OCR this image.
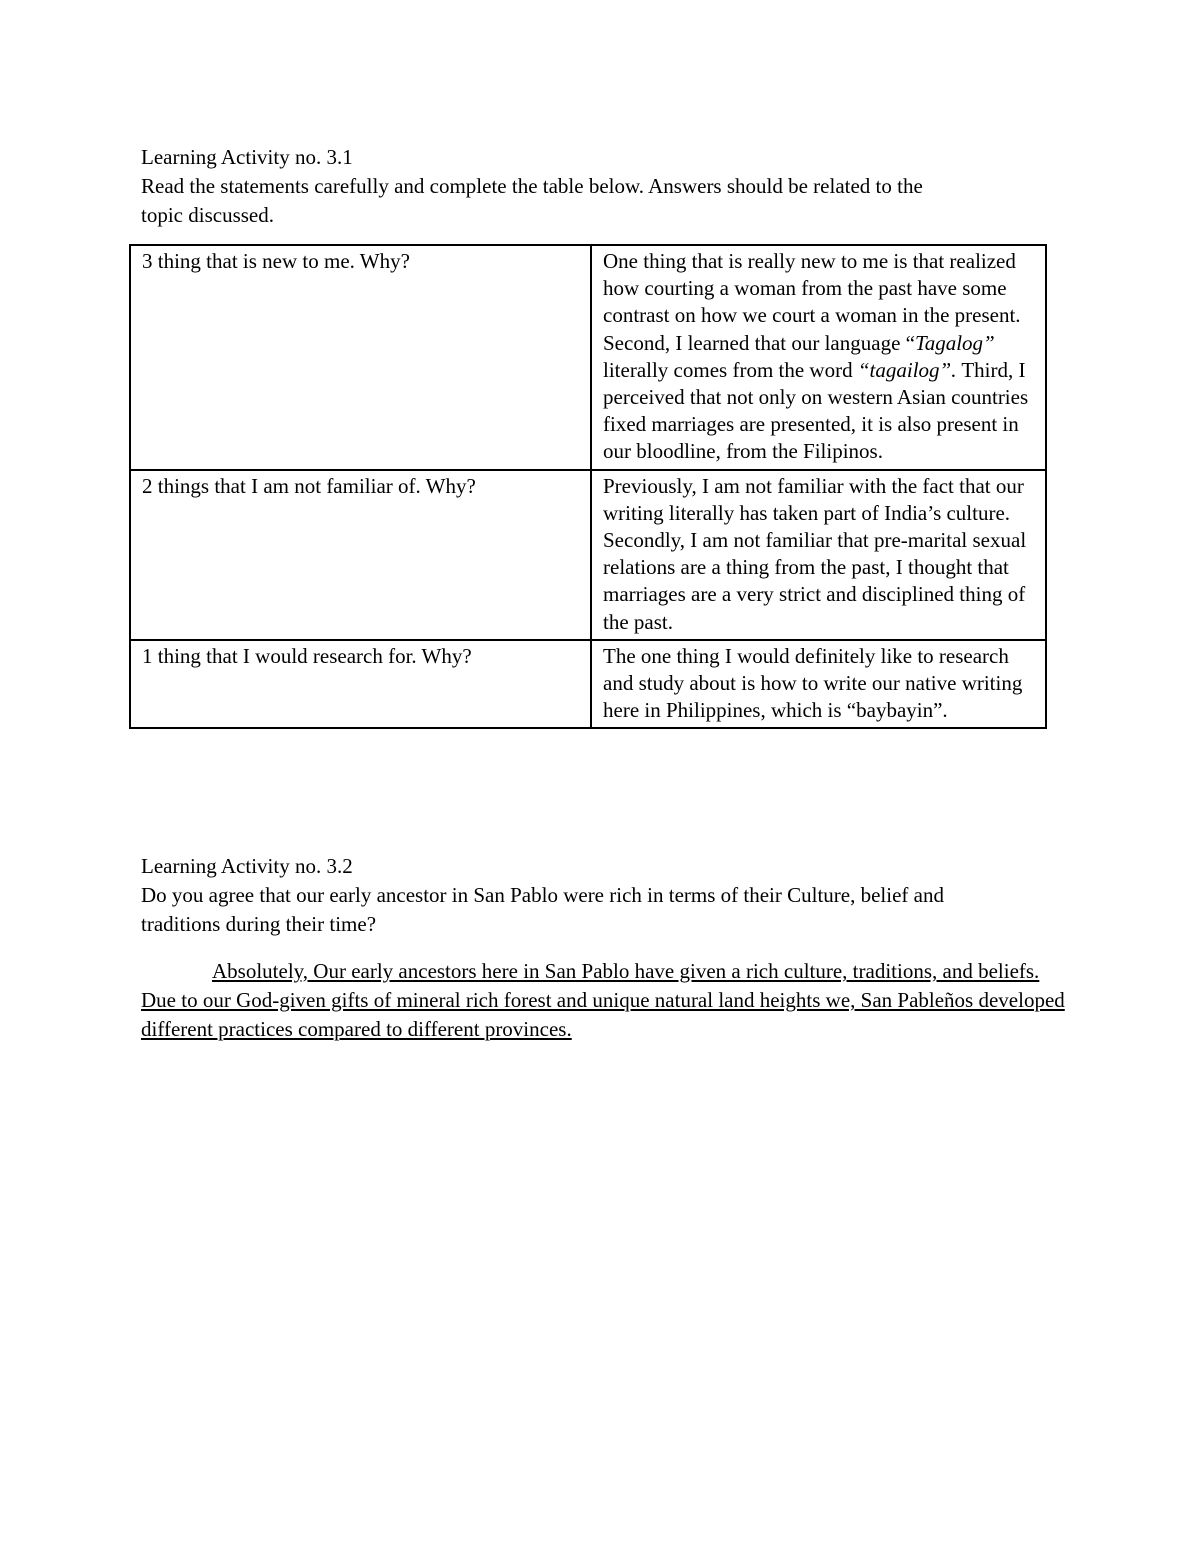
Learning Activity no. 3.1

Read the statements carefully and complete the table below. Answers should be related to the

topic discussed.

3 thing that is new to me. Why?	One thing that is really new to me is that realized how courting a woman from the past have some contrast on how we court a woman in the present. Second, I learned that our language “Tagalog” literally comes from the word “tagailog”. Third, I perceived that not only on western Asian countries fixed marriages are presented, it is also present in our bloodline, from the Filipinos.
2 things that I am not familiar of. Why?	Previously, I am not familiar with the fact that our writing literally has taken part of India’s culture. Secondly, I am not familiar that pre-marital sexual relations are a thing from the past, I thought that marriages are a very strict and disciplined thing of the past.
1 thing that I would research for. Why?	The one thing I would definitely like to research and study about is how to write our native writing here in Philippines, which is “baybayin”.

Learning Activity no. 3.2

Do you agree that our early ancestor in San Pablo were rich in terms of their Culture, belief and

traditions during their time?

Absolutely, Our early ancestors here in San Pablo have given a rich culture, traditions, and beliefs. Due to our God-given gifts of mineral rich forest and unique natural land heights we, San Pableños developed different practices compared to different provinces.
